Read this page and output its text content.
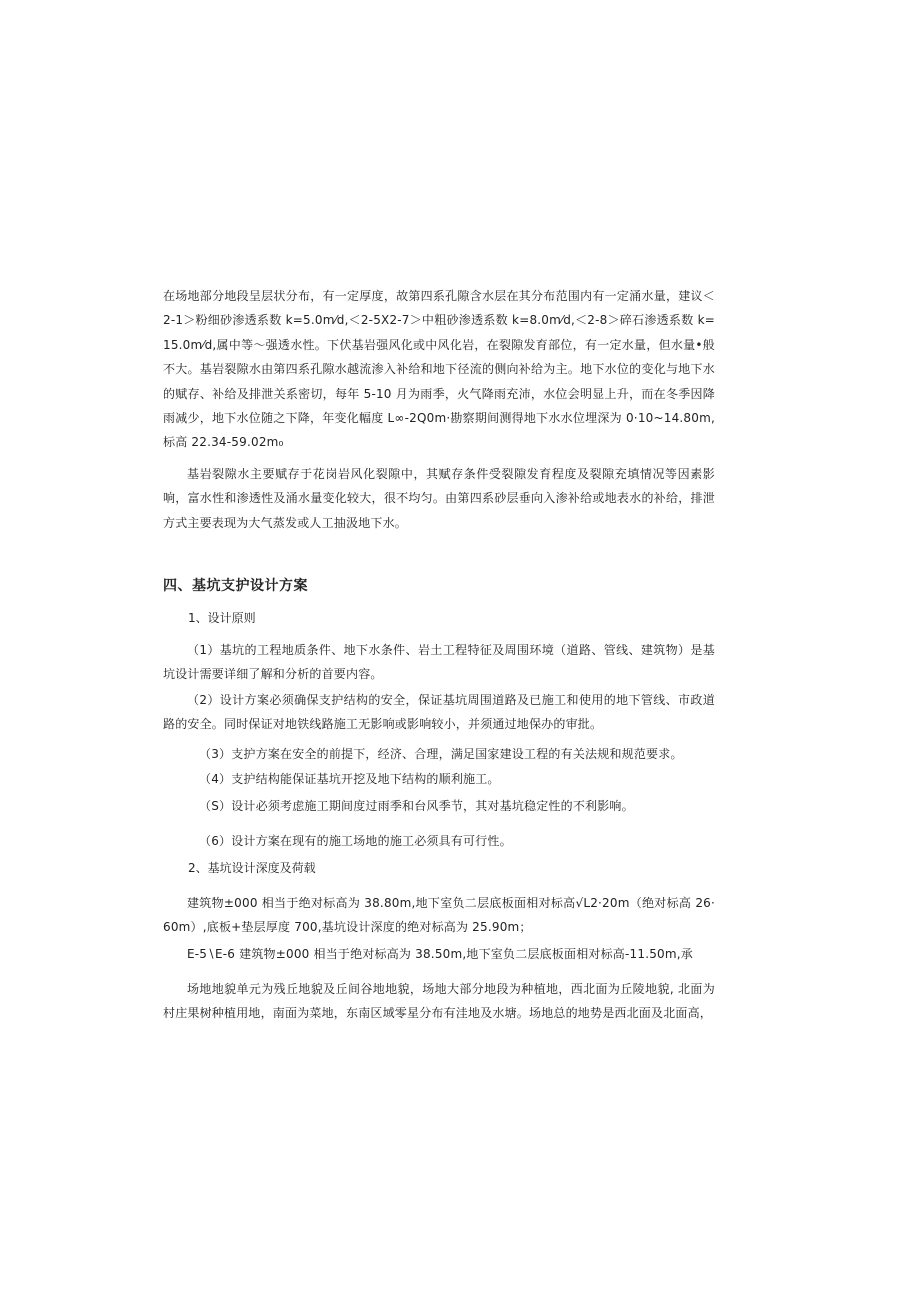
在场地部分地段呈层状分布，有一定厚度，故第四系孔隙含水层在其分布范围内有一定涌水量，建议＜2-1＞粉细砂渗透系数 k=5.0m⁄d,＜2-5X2-7＞中粗砂渗透系数 k=8.0m⁄d,＜2-8＞碎石渗透系数 k=15.0m⁄d,属中等～强透水性。下伏基岩强风化或中风化岩，在裂隙发育部位，有一定水量，但水量•般不大。基岩裂隙水由第四系孔隙水越流渗入补给和地下径流的侧向补给为主。地下水位的变化与地下水的赋存、补给及排泄关系密切，每年 5-10 月为雨季，火气降雨充沛，水位会明显上升，而在冬季因降雨减少，地下水位随之下降，年变化幅度 L∞-2Q0m·勘察期间测得地下水水位埋深为 0·10~14.80m,标高 22.34-59.02m₀
基岩裂隙水主要赋存于花岗岩风化裂隙中，其赋存条件受裂隙发育程度及裂隙充填情况等因素影响，富水性和渗透性及涌水量变化较大，很不均匀。由第四系砂层垂向入渗补给或地表水的补给，排泄方式主要表现为大气蒸发或人工抽汲地下水。
四、基坑支护设计方案
1、设计原则
（1）基坑的工程地质条件、地下水条件、岩土工程特征及周围环境（道路、管线、建筑物）是基坑设计需要详细了解和分析的首要内容。
（2）设计方案必须确保支护结构的安全，保证基坑周围道路及已施工和使用的地下管线、市政道路的安全。同时保证对地铁线路施工无影响或影响较小，并须通过地保办的审批。
（3）支护方案在安全的前提下，经济、合理，满足国家建设工程的有关法规和规范要求。
（4）支护结构能保证基坑开挖及地下结构的顺利施工。
（S）设计必须考虑施工期间度过雨季和台风季节，其对基坑稳定性的不利影响。
（6）设计方案在现有的施工场地的施工必须具有可行性。
2、基坑设计深度及荷载
建筑物±000 相当于绝对标高为 38.80m,地下室负二层底板面相对标高√L2·20m（绝对标高 26·60m）,底板+垫层厚度 700,基坑设计深度的绝对标高为 25.90m；
E-5∖E-6 建筑物±000 相当于绝对标高为 38.50m,地下室负二层底板面相对标高-11.50m,承
场地地貌单元为残丘地貌及丘间谷地地貌，场地大部分地段为种植地，西北面为丘陵地貌, 北面为村庄果树种植用地，南面为菜地，东南区域零星分布有洼地及水塘。场地总的地势是西北面及北面高，
